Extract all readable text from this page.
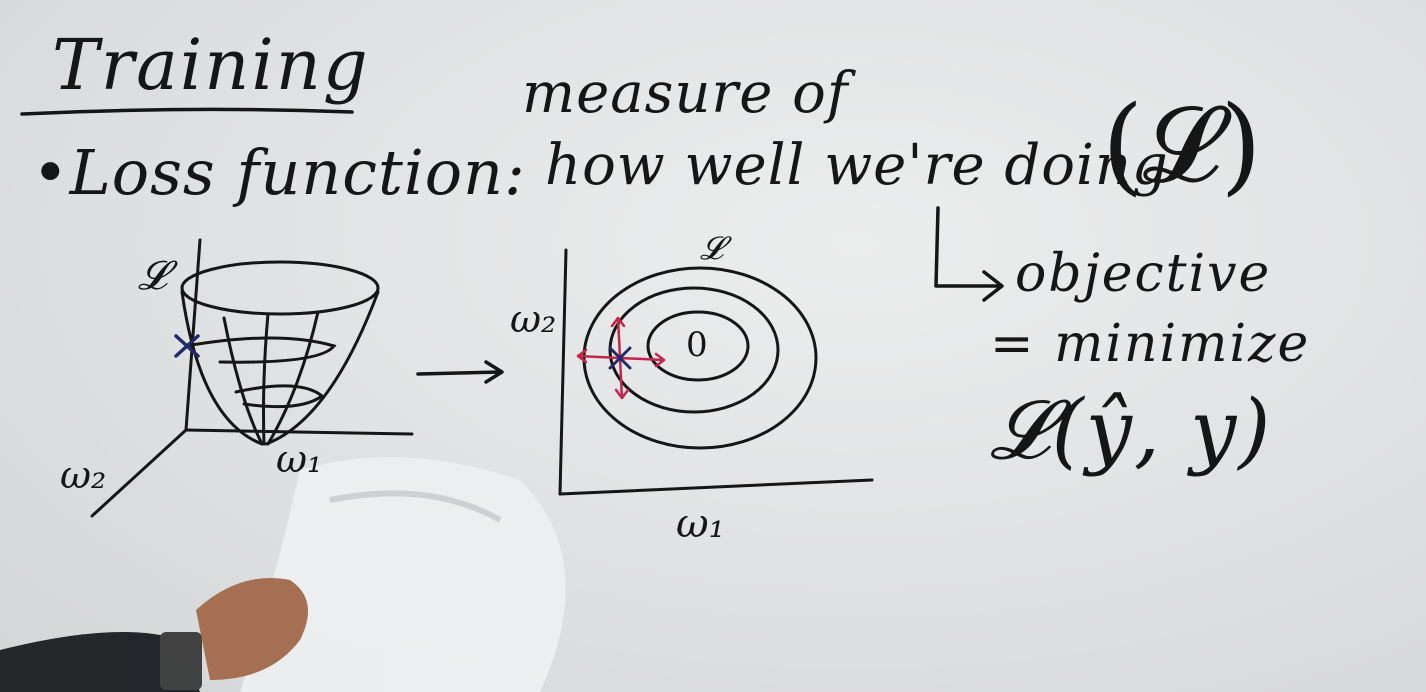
Training
•Loss function:
measure of
how well we're doing
(𝓛)
objective
= minimize
𝓛(ŷ, y)
𝓛
ω₂	ω₁
𝓛
ω₂
ω₁
0
